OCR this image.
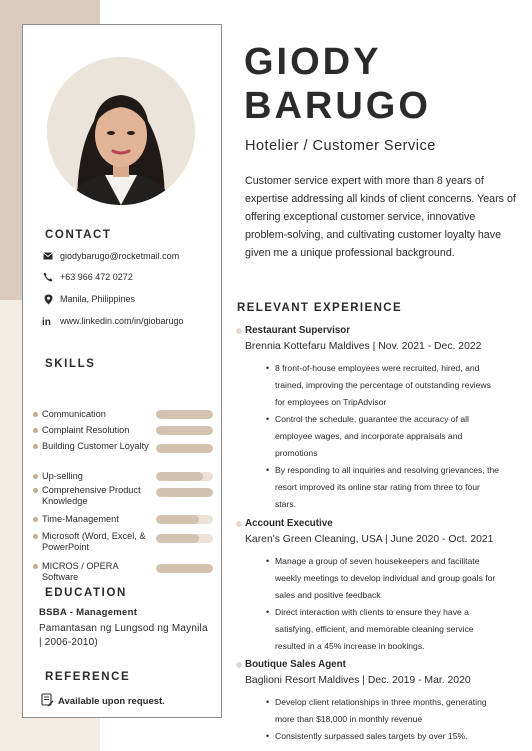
CONTACT
giodybarugo@rocketmail.com
+63 966 472 0272
Manila, Philippines
in www.linkedin.com/in/giobarugo
SKILLS
Communication
Complaint Resolution
Building Customer Loyalty
Up-selling
Comprehensive Product Knowledge
Time-Management
Microsoft (Word, Excel, & PowerPoint
MICROS / OPERA Software
EDUCATION
BSBA - Management
Pamantasan ng Lungsod ng Maynila | 2006-2010)
REFERENCE
Available upon request.
GIODY
BARUGO
Hotelier / Customer Service
Customer service expert with more than 8 years of expertise addressing all kinds of client concerns. Years of offering exceptional customer service, innovative problem-solving, and cultivating customer loyalty have given me a unique professional background.
RELEVANT EXPERIENCE
Restaurant Supervisor
Brennia Kottefaru Maldives | Nov. 2021 - Dec. 2022
• 8 front-of-house employees were recruited, hired, and trained, improving the percentage of outstanding reviews for employees on TripAdvisor
• Control the schedule, guarantee the accuracy of all employee wages, and incorporate appraisals and promotions
• By responding to all inquiries and resolving grievances, the resort improved its online star rating from three to four stars.
Account Executive
Karen's Green Cleaning, USA | June 2020 - Oct. 2021
• Manage a group of seven housekeepers and facilitate weekly meetings to develop individual and group goals for sales and positive feedback
• Direct interaction with clients to ensure they have a satisfying, efficient, and memorable cleaning service resulted in a 45% increase in bookings.
Boutique Sales Agent
Baglioni Resort Maldives | Dec. 2019 - Mar. 2020
• Develop client relationships in three months, generating more than $18,000 in monthly revenue
• Consistently surpassed sales targets by over 15%.
